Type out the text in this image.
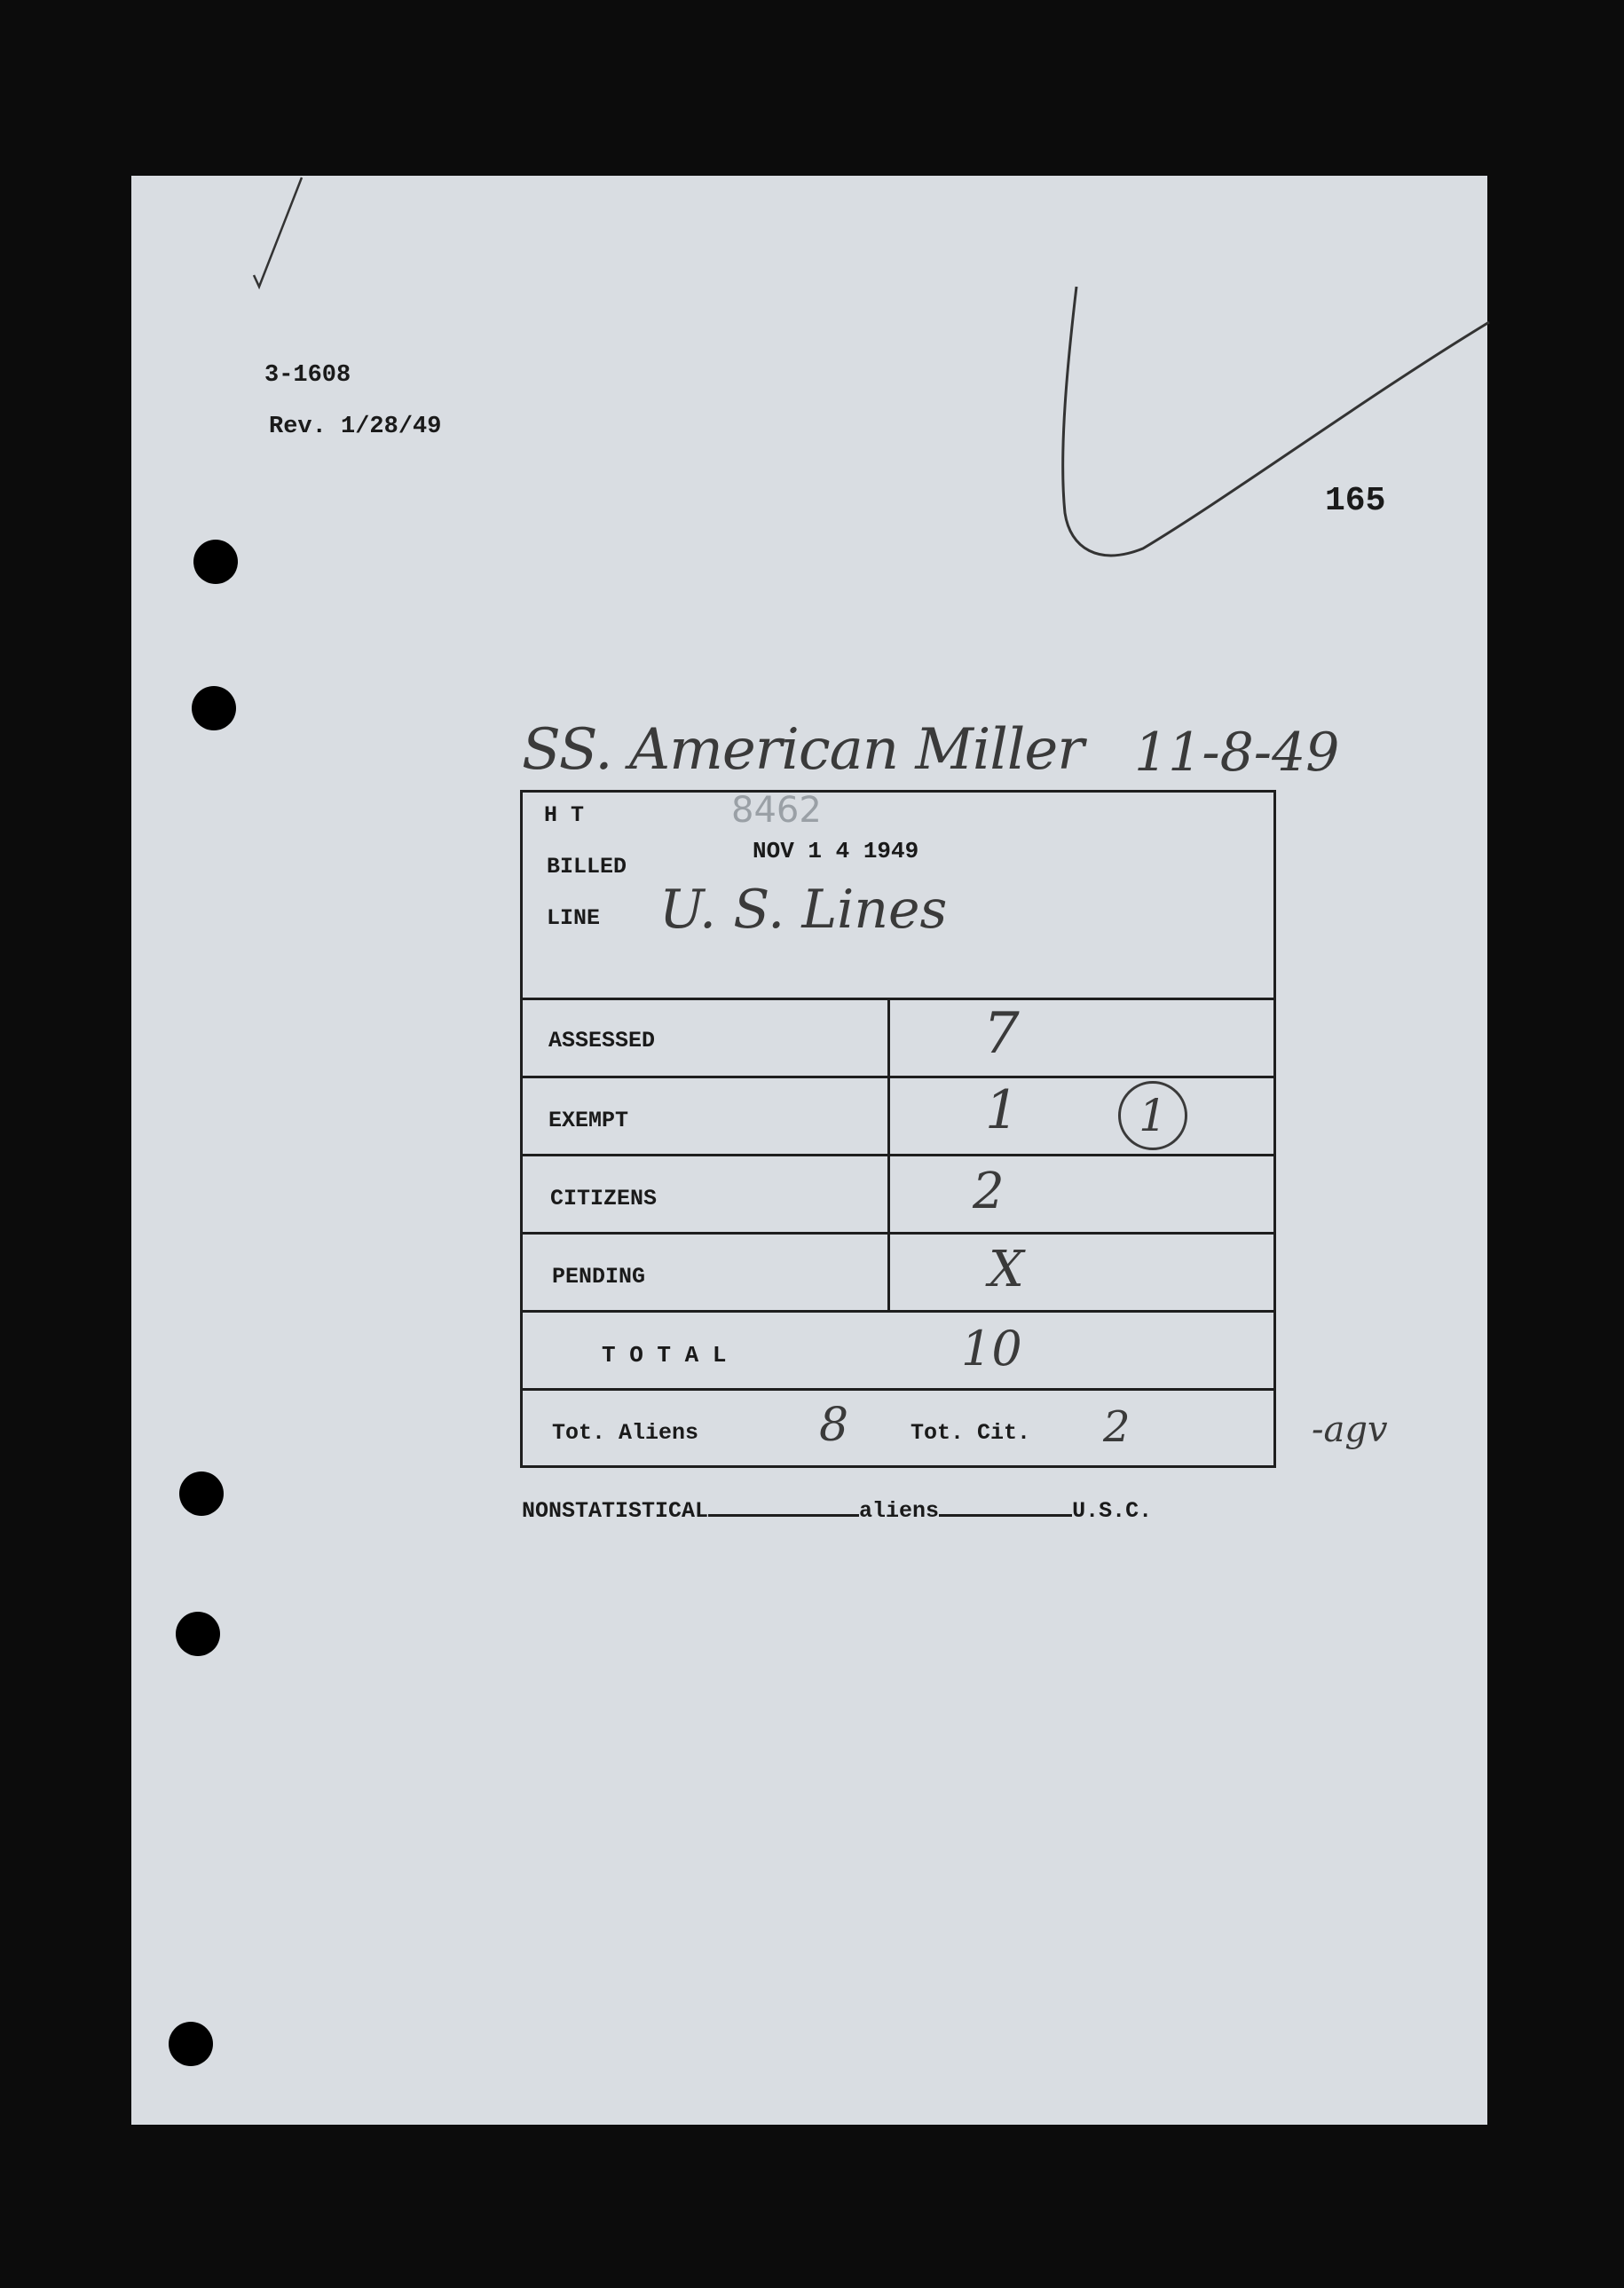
3-1608
Rev. 1/28/49
165
SS. American Miller 11-8-49
H T	8462
NOV 1 4 1949
BILLED
LINE U. S. Lines
ASSESSED	7
EXEMPT	1	1
CITIZENS	2
PENDING	X
T O T A L	10
Tot. Aliens	8	Tot. Cit. 2	-agv
NONSTATISTICAL	aliens	U.S.C.
